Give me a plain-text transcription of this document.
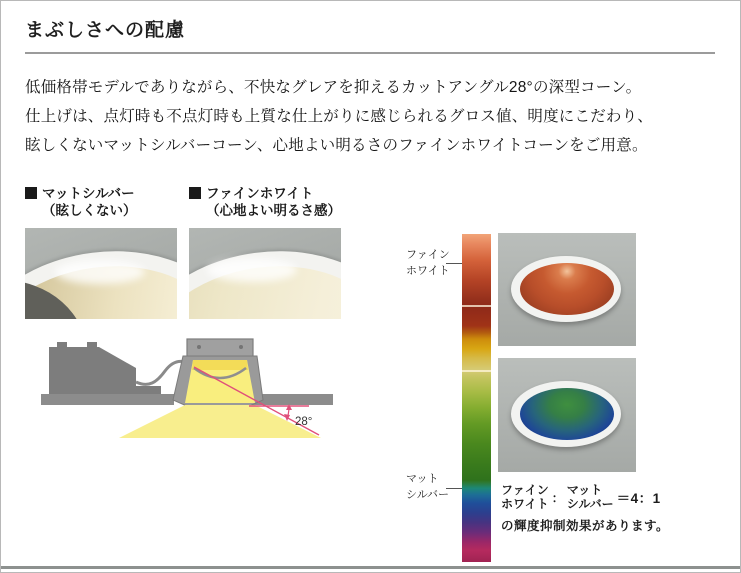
まぶしさへの配慮
低価格帯モデルでありながら、不快なグレアを抑えるカットアングル28°の深型コーン。
仕上げは、点灯時も不点灯時も上質な仕上がりに感じられるグロス値、明度にこだわり、
眩しくないマットシルバーコーン、心地よい明るさのファインホワイトコーンをご用意。
マットシルバー
（眩しくない）
ファインホワイト
（心地よい明るさ感）
28°
ファイン
ホワイト
マット
シルバー	ファイン
ホワイト ：
マット
シルバー ＝4：1
の輝度抑制効果があります。
